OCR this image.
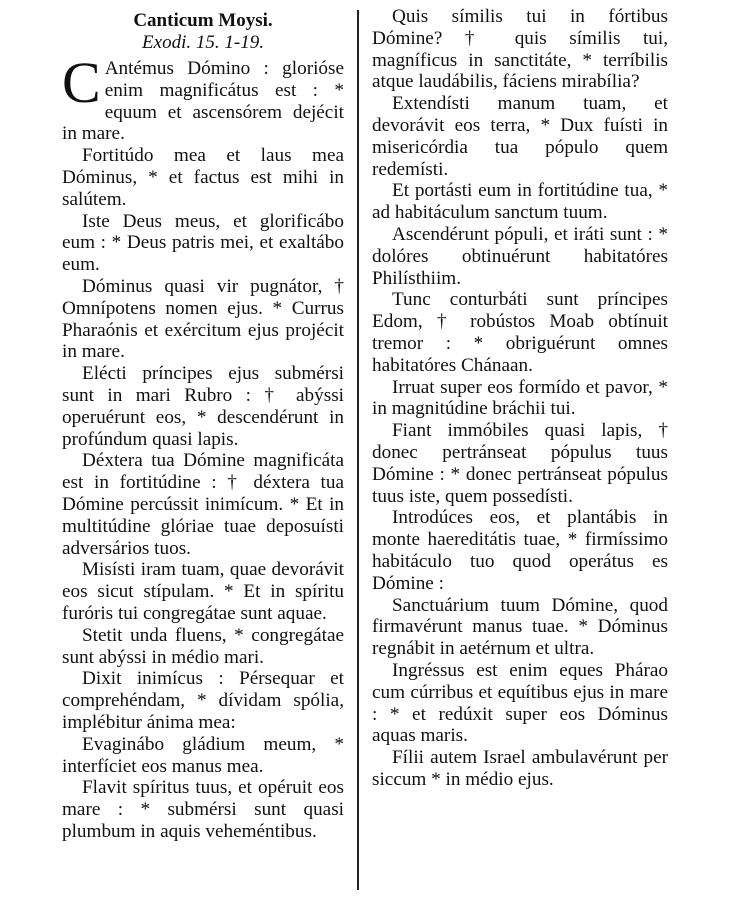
Canticum Moysi.
Exodi. 15. 1-19.

C Antémus Dómino : glorióse enim magnificátus est : * equum et ascensórem dejécit in mare.

Fortitúdo mea et laus mea Dóminus, * et factus est mihi in salútem.

Iste Deus meus, et glorificábo eum : * Deus patris mei, et exaltábo eum.

Dóminus quasi vir pugnátor, † Omnípotens nomen ejus. * Currus Pharaónis et exércitum ejus projécit in mare.

Elécti príncipes ejus submérsi sunt in mari Rubro : † abýssi operuérunt eos, * descendérunt in profúndum quasi lapis.

Déxtera tua Dómine magnificáta est in fortitúdine : † déxtera tua Dómine percússit inimícum. * Et in multitúdine glóriae tuae deposuísti adversários tuos.

Misísti iram tuam, quae devorávit eos sicut stípulam. * Et in spíritu furóris tui congregátae sunt aquae.

Stetit unda fluens, * congregátae sunt abýssi in médio mari.

Dixit inimícus : Pérsequar et comprehéndam, * dívidam spólia, implébitur ánima mea:

Evaginábo gládium meum, * interfíciet eos manus mea.

Flavit spíritus tuus, et opéruit eos mare : * submérsi sunt quasi plumbum in aquis veheméntibus.

Quis símilis tui in fórtibus Dómine? † quis símilis tui, magníficus in sanctitáte, * terríbilis atque laudábilis, fáciens mirabília?

Extendísti manum tuam, et devorávit eos terra, * Dux fuísti in misericórdia tua pópulo quem redemísti.

Et portásti eum in fortitúdine tua, * ad habitáculum sanctum tuum.

Ascendérunt pópuli, et iráti sunt : * dolóres obtinuérunt habitatóres Philísthiim.

Tunc conturbáti sunt príncipes Edom, † robústos Moab obtínuit tremor : * obriguérunt omnes habitatóres Chánaan.

Irruat super eos formído et pavor, * in magnitúdine bráchii tui.

Fiant immóbiles quasi lapis, † donec pertránseat pópulus tuus Dómine : * donec pertránseat pópulus tuus iste, quem possedísti.

Introdúces eos, et plantábis in monte haereditátis tuae, * firmíssimo habitáculo tuo quod operátus es Dómine :

Sanctuárium tuum Dómine, quod firmavérunt manus tuae. * Dóminus regnábit in aetérnum et ultra.

Ingréssus est enim eques Phárao cum cúrribus et equítibus ejus in mare : * et redúxit super eos Dóminus aquas maris.

Fílii autem Israel ambulavérunt per siccum * in médio ejus.
